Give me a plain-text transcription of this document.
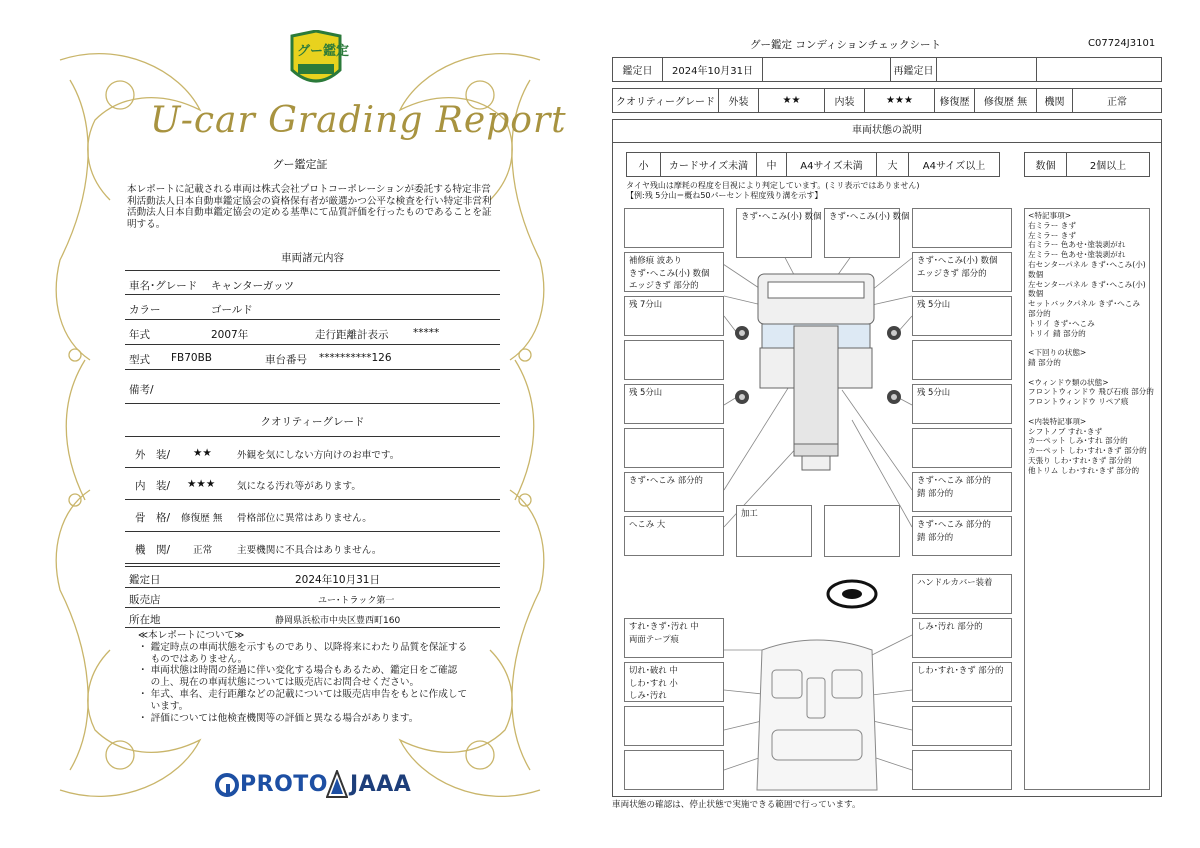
グー鑑定
U-car Grading Report
グー鑑定証
本レポートに記載される車両は株式会社プロトコーポレーションが委託する特定非営利活動法人日本自動車鑑定協会の資格保有者が厳選かつ公平な検査を行い特定非営利活動法人日本自動車鑑定協会の定める基準にて品質評価を行ったものであることを証明する。
車両諸元内容
車名･グレード キャンターガッツ
カラー	ゴールド
年式	2007年	走行距離計表示 *****
型式 FB70BB	車台番号 **********126
備考/
クオリティーグレード
外　装/ ★★	外観を気にしない方向けのお車です。
内　装/ ★★★ 気になる汚れ等があります。
骨　格/ 修復歴 無 骨格部位に異常はありません。
機　関/ 正常	主要機関に不具合はありません。
鑑定日	2024年10月31日
販売店	ユー･トラック第一
所在地	静岡県浜松市中央区豊西町160
≪本レポートについて≫
・ 鑑定時点の車両状態を示すものであり、以降将来にわたり品質を保証する
　 ものではありません。
・ 車両状態は時間の経過に伴い変化する場合もあるため、鑑定日をご確認
　 の上、現在の車両状態については販売店にお問合せください。
・ 年式、車名、走行距離などの記載については販売店申告をもとに作成して
　 います。
・ 評価については他検査機関等の評価と異なる場合があります。
PROTO JAAA
グー鑑定 コンディションチェックシート	C07724J3101
鑑定日	2024年10月31日		再鑑定日		
クオリティーグレード	外装	★★	内装	★★★	修復歴	修復歴 無	機関	正常
車両状態の説明
小	カードサイズ未満	中	A4サイズ未満	大	A4サイズ以上	数個	2個以上
タイヤ残山は摩耗の程度を目視により判定しています。(ミリ表示ではありません)
【例:残 5分山＝概ね50パーセント程度残り溝を示す】
きず･へこみ(小) 数個 きず･へこみ(小) 数個
補修痕 波あり
きず･へこみ(小) 数個
エッジきず 部分的
きず･へこみ(小) 数個
エッジきず 部分的
残 7分山	残 5分山
残 5分山	残 5分山
きず･へこみ 部分的	きず･へこみ 部分的
錆 部分的
へこみ 大
加工
きず･へこみ 部分的
錆 部分的
ハンドルカバー装着
すれ･きず･汚れ 中
両面テープ痕
しみ･汚れ 部分的
切れ･破れ 中
しわ･すれ 小
しみ･汚れ
しわ･すれ･きず 部分的
<特記事項>
右ミラー きず
左ミラー きず
右ミラー 色あせ･塗装剥がれ
左ミラー 色あせ･塗装剥がれ
右センターパネル きず･へこみ(小)
数個
左センターパネル きず･へこみ(小)
数個
セットバックパネル きず･へこみ
部分的
トリイ きず･へこみ
トリイ 錆 部分的
<下回りの状態>
錆 部分的
<ウィンドウ類の状態>
フロントウィンドウ 飛び石痕 部分的
フロントウィンドウ リペア痕
<内装特記事項>
シフトノブ すれ･きず
カーペット しみ･すれ 部分的
カーペット しわ･すれ･きず 部分的
天張り しわ･すれ･きず 部分的
他トリム しわ･すれ･きず 部分的
車両状態の確認は、停止状態で実施できる範囲で行っています。
